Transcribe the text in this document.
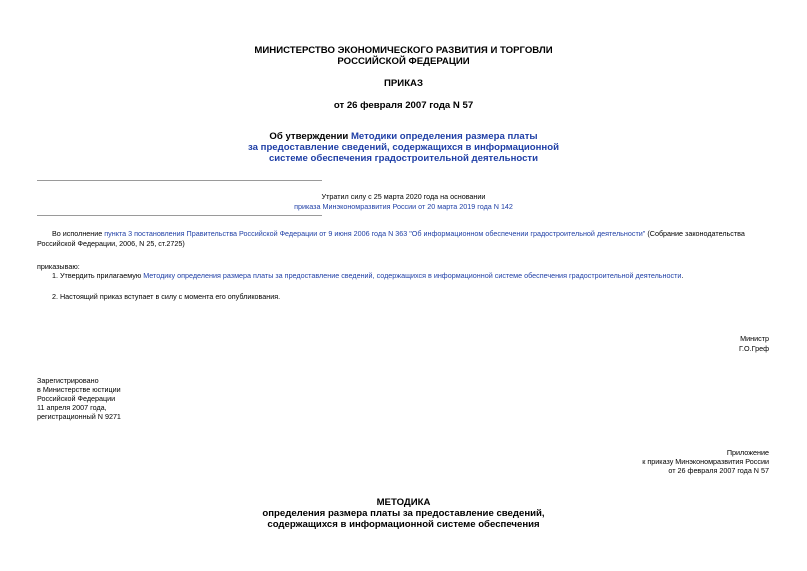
МИНИСТЕРСТВО ЭКОНОМИЧЕСКОГО РАЗВИТИЯ И ТОРГОВЛИ
РОССИЙСКОЙ ФЕДЕРАЦИИ
ПРИКАЗ
от 26 февраля 2007 года N 57
Об утверждении Методики определения размера платы
за предоставление сведений, содержащихся в информационной
системе обеспечения градостроительной деятельности
Утратил силу с 25 марта 2020 года на основании
приказа Минэкономразвития России от 20 марта 2019 года N 142
Во исполнение пункта 3 постановления Правительства Российской Федерации от 9 июня 2006 года N 363 "Об информационном обеспечении градостроительной деятельности" (Собрание законодательства
Российской Федерации, 2006, N 25, ст.2725)
приказываю:
1. Утвердить прилагаемую Методику определения размера платы за предоставление сведений, содержащихся в информационной системе обеспечения градостроительной деятельности.
2. Настоящий приказ вступает в силу с момента его опубликования.
Министр
Г.О.Греф
Зарегистрировано
в Министерстве юстиции
Российской Федерации
11 апреля 2007 года,
регистрационный N 9271
Приложение
к приказу Минэкономразвития России
от 26 февраля 2007 года N 57
МЕТОДИКА
определения размера платы за предоставление сведений,
содержащихся в информационной системе обеспечения
